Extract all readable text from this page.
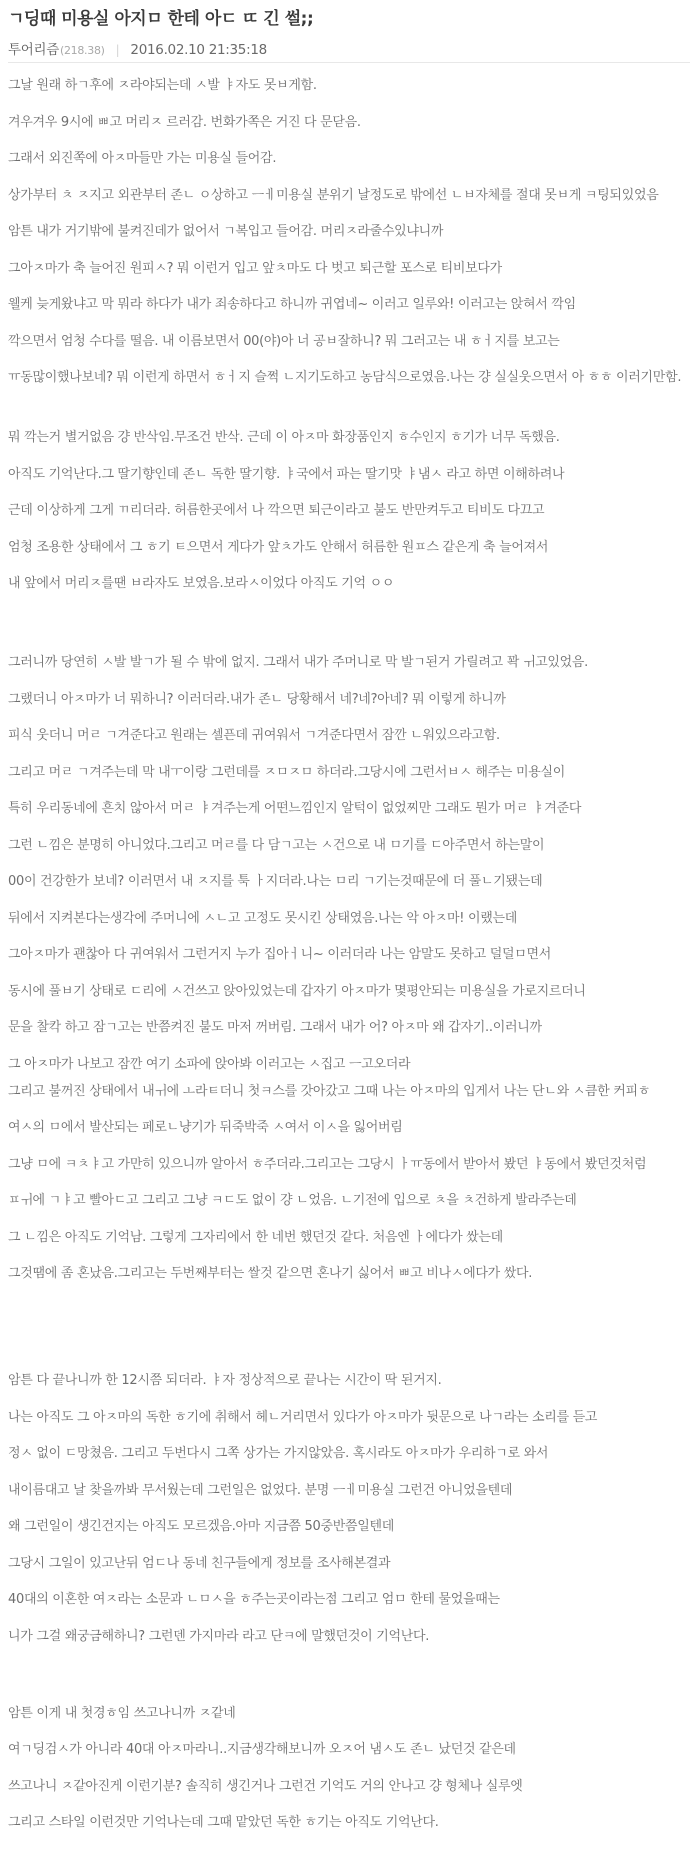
ㄱ딩때 미용실 아지ㅁ 한테 아ㄷ ㄸ 긴 썰;;
투어리즘 (218.38) | 2016.02.10 21:35:18
그날 원래 하ㄱ후에 ㅈ라야되는데 ㅅ발 ㅑ자도 못ㅂ게함.
겨우겨우 9시에 ㅃ고 머리ㅈ 르러감. 번화가쪽은 거진 다 문닫음.
그래서 외진쪽에 아ㅈ마들만 가는 미용실 들어감.
상가부터 ㅊ ㅈ지고 외관부터 존ㄴ ㅇ상하고 ㅡㅔ미용실 분위기 날정도로 밖에선 ㄴㅂ자체를 절대 못ㅂ게 ㅋ팅되있었음
암튼 내가 거기밖에 불켜진데가 없어서 ㄱ복입고 들어감. 머리ㅈ라줄수있냐니까
그아ㅈ마가 축 늘어진 원피ㅅ? 뭐 이런거 입고 앞ㅊ마도 다 벗고 퇴근할 포스로 티비보다가
웰케 늦게왔냐고 막 뭐라 하다가 내가 죄송하다고 하니까 귀엽네~ 이러고 일루와! 이러고는 앉혀서 깍임
깍으면서 엄청 수다를 떨음. 내 이름보면서 00(야)아 너 공ㅂ잘하니? 뭐 그러고는 내 ㅎㅓ지를 보고는
ㅠ동많이했나보네? 뭐 이런게 하면서 ㅎㅓ지 슬쩍 ㄴ지기도하고 농담식으로였음.나는 걍 실실웃으면서 아 ㅎㅎ 이러기만함.
뭐 깍는거 별거없음 걍 반삭임.무조건 반삭. 근데 이 아ㅈ마 화장품인지 ㅎ수인지 ㅎ기가 너무 독했음.
아직도 기억난다.그 딸기향인데 존ㄴ 독한 딸기향. ㅑ국에서 파는 딸기맛 ㅑ냄ㅅ 라고 하면 이해하려나
근데 이상하게 그게 ㄲ리더라. 허름한곳에서 나 깍으면 퇴근이라고 불도 반만켜두고 티비도 다끄고
엄청 조용한 상태에서 그 ㅎ기 ㅌ으면서 게다가 앞ㅊ가도 안해서 허름한 원ㅍ스 같은게 축 늘어져서
내 앞에서 머리ㅈ를땐 ㅂ라자도 보였음.보라ㅅ이었다 아직도 기억 ㅇㅇ
그러니까 당연히 ㅅ발 발ㄱ가 될 수 밖에 없지. 그래서 내가 주머니로 막 발ㄱ된거 가릴려고 꽉 ㅟ고있었음.
그랬더니 아ㅈ마가 너 뭐하니? 이러더라.내가 존ㄴ 당황해서 네?네?아네? 뭐 이렇게 하니까
피식 웃더니 머ㄹ ㄱ겨준다고 원래는 셀픈데 귀여워서 ㄱ겨준다면서 잠깐 ㄴ워있으라고함.
그리고 머ㄹ ㄱ겨주는데 막 내ㅜ이랑 그런데를 ㅈㅁㅈㅁ 하더라.그당시에 그런서ㅂㅅ 해주는 미용실이
특히 우리동네에 흔치 않아서 머ㄹ ㅑ겨주는게 어떤느낌인지 알턱이 없었찌만 그래도 뭔가 머ㄹ ㅑ겨준다
그런 ㄴ낌은 분명히 아니었다.그리고 머ㄹ를 다 담ㄱ고는 ㅅ건으로 내 ㅁ기를 ㄷ아주면서 하는말이
00이 건강한가 보네? 이러면서 내 ㅈ지를 툭 ㅏ지더라.나는 ㅁ리 ㄱ기는것때문에 더 풀ㄴ기됐는데
뒤에서 지켜본다는생각에 주머니에 ㅅㄴ고 고정도 못시킨 상태였음.나는 악 아ㅈ마! 이랬는데
그아ㅈ마가 괜찮아 다 귀여워서 그런거지 누가 집아ㅓ니~ 이러더라 나는 암말도 못하고 덜덜ㅁ면서
동시에 풀ㅂ기 상태로 ㄷ리에 ㅅ건쓰고 앉아있었는데 갑자기 아ㅈ마가 몇평안되는 미용실을 가로지르더니
문을 찰칵 하고 잠ㄱ고는 반쯤켜진 불도 마저 꺼버림. 그래서 내가 어? 아ㅈ마 왜 갑자기..이러니까
그 아ㅈ마가 나보고 잠깐 여기 소파에 앉아봐 이러고는 ㅅ집고 ㅡ고오더라
그리고 불꺼진 상태에서 내ㅟ에 ㅗ라ㅌ더니 첫ㅋ스를 갓아갔고 그때 나는 아ㅈ마의 입게서 나는 단ㄴ와 ㅅ큼한 커피ㅎ
여ㅅ의 ㅁ에서 발산되는 페로ㄴ냥기가 뒤죽박죽 ㅅ여서 이ㅅ을 잃어버림
그냥 ㅁ에 ㅋㅊㅑ고 가만히 있으니까 알아서 ㅎ주더라.그리고는 그당시 ㅏㅠ동에서 받아서 봤던 ㅑ동에서 봤던것처럼
ㅍㅟ에 ㄱㅑ고 빨아ㄷ고 그리고 그냥 ㅋㄷ도 없이 걍 ㄴ었음. ㄴ기전에 입으로 ㅊ을 ㅊ건하게 발라주는데
그 ㄴ낌은 아직도 기억남. 그렇게 그자리에서 한 네번 했던것 같다. 처음엔 ㅏ에다가 쌌는데
그것땜에 좀 혼났음.그리고는 두번째부터는 쌀것 같으면 혼나기 싫어서 ㅃ고 비나ㅅ에다가 쌌다.
암튼 다 끝나니까 한 12시쯤 되더라. ㅑ자 정상적으로 끝나는 시간이 딱 된거지.
나는 아직도 그 아ㅈ마의 독한 ㅎ기에 취해서 헤ㄴ거리면서 있다가 아ㅈ마가 뒷문으로 나ㄱ라는 소리를 듣고
정ㅅ 없이 ㄷ망쳤음. 그리고 두번다시 그쪽 상가는 가지않았음. 혹시라도 아ㅈ마가 우리하ㄱ로 와서
내이름대고 날 찾을까봐 무서웠는데 그런일은 없었다. 분명 ㅡㅔ미용실 그런건 아니었을텐데
왜 그런일이 생긴건지는 아직도 모르겠음.아마 지금쯤 50중반쯤일텐데
그당시 그일이 있고난뒤 엄ㄷ나 동네 친구들에게 정보를 조사해본결과
40대의 이혼한 여ㅈ라는 소문과 ㄴㅁㅅ을 ㅎ주는곳이라는점 그리고 엄ㅁ 한테 물었을때는
니가 그걸 왜궁금해하니? 그런덴 가지마라 라고 단ㅋ에 말했던것이 기억난다.
암튼 이게 내 첫경ㅎ임 쓰고나니까 ㅈ같네
여ㄱ딩검ㅅ가 아니라 40대 아ㅈ마라니..지금생각해보니까 오ㅈ어 냄ㅅ도 존ㄴ 났던것 같은데
쓰고나니 ㅈ같아진게 이런기분? 솔직히 생긴거나 그런건 기억도 거의 안나고 걍 형체나 실루엣
그리고 스타일 이런것만 기억나는데 그때 맡았던 독한 ㅎ기는 아직도 기억난다.
